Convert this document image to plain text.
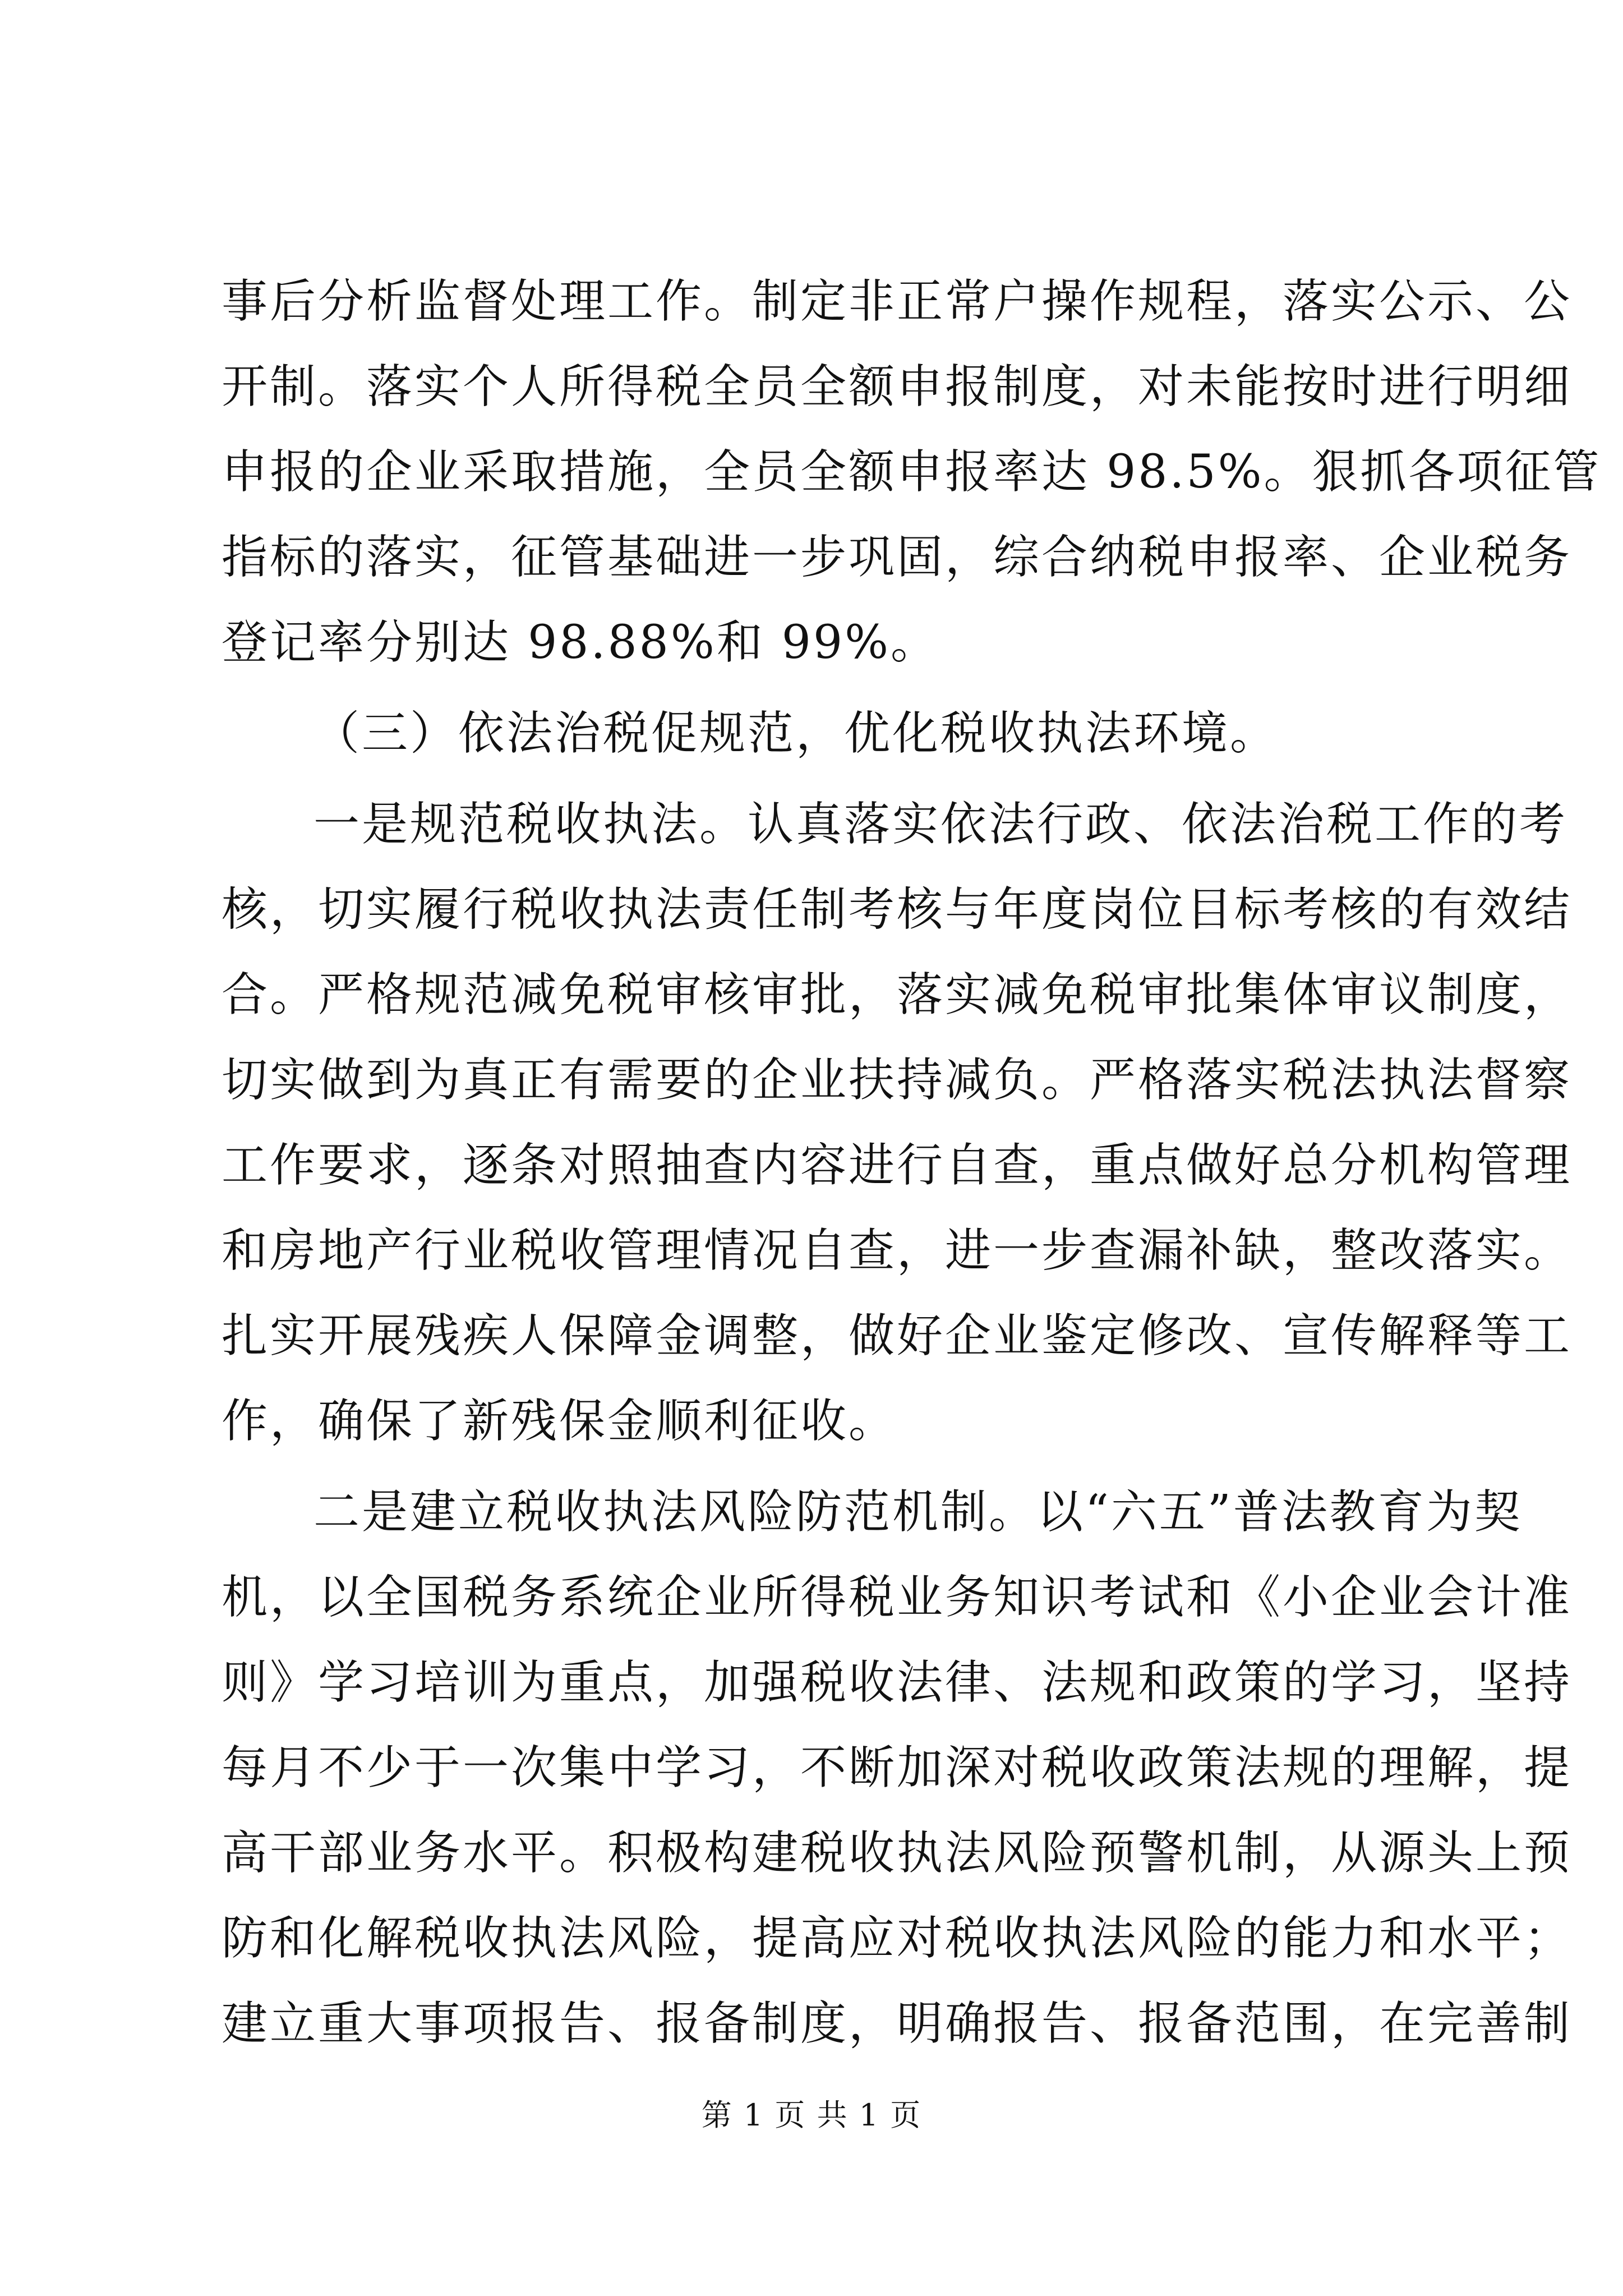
事后分析监督处理工作。制定非正常户操作规程，落实公示、公
开制。落实个人所得税全员全额申报制度，对未能按时进行明细
申报的企业采取措施，全员全额申报率达 98.5%。狠抓各项征管
指标的落实，征管基础进一步巩固，综合纳税申报率、企业税务
登记率分别达 98.88%和 99%。
（三）依法治税促规范，优化税收执法环境。
一是规范税收执法。认真落实依法行政、依法治税工作的考
核，切实履行税收执法责任制考核与年度岗位目标考核的有效结
合。严格规范减免税审核审批，落实减免税审批集体审议制度，
切实做到为真正有需要的企业扶持减负。严格落实税法执法督察
工作要求，逐条对照抽查内容进行自查，重点做好总分机构管理
和房地产行业税收管理情况自查，进一步查漏补缺，整改落实。
扎实开展残疾人保障金调整，做好企业鉴定修改、宣传解释等工
作，确保了新残保金顺利征收。
二是建立税收执法风险防范机制。以“六五”普法教育为契
机，以全国税务系统企业所得税业务知识考试和《小企业会计准
则》学习培训为重点，加强税收法律、法规和政策的学习，坚持
每月不少于一次集中学习，不断加深对税收政策法规的理解，提
高干部业务水平。积极构建税收执法风险预警机制，从源头上预
防和化解税收执法风险，提高应对税收执法风险的能力和水平；
建立重大事项报告、报备制度，明确报告、报备范围，在完善制
第 1 页 共 1 页
